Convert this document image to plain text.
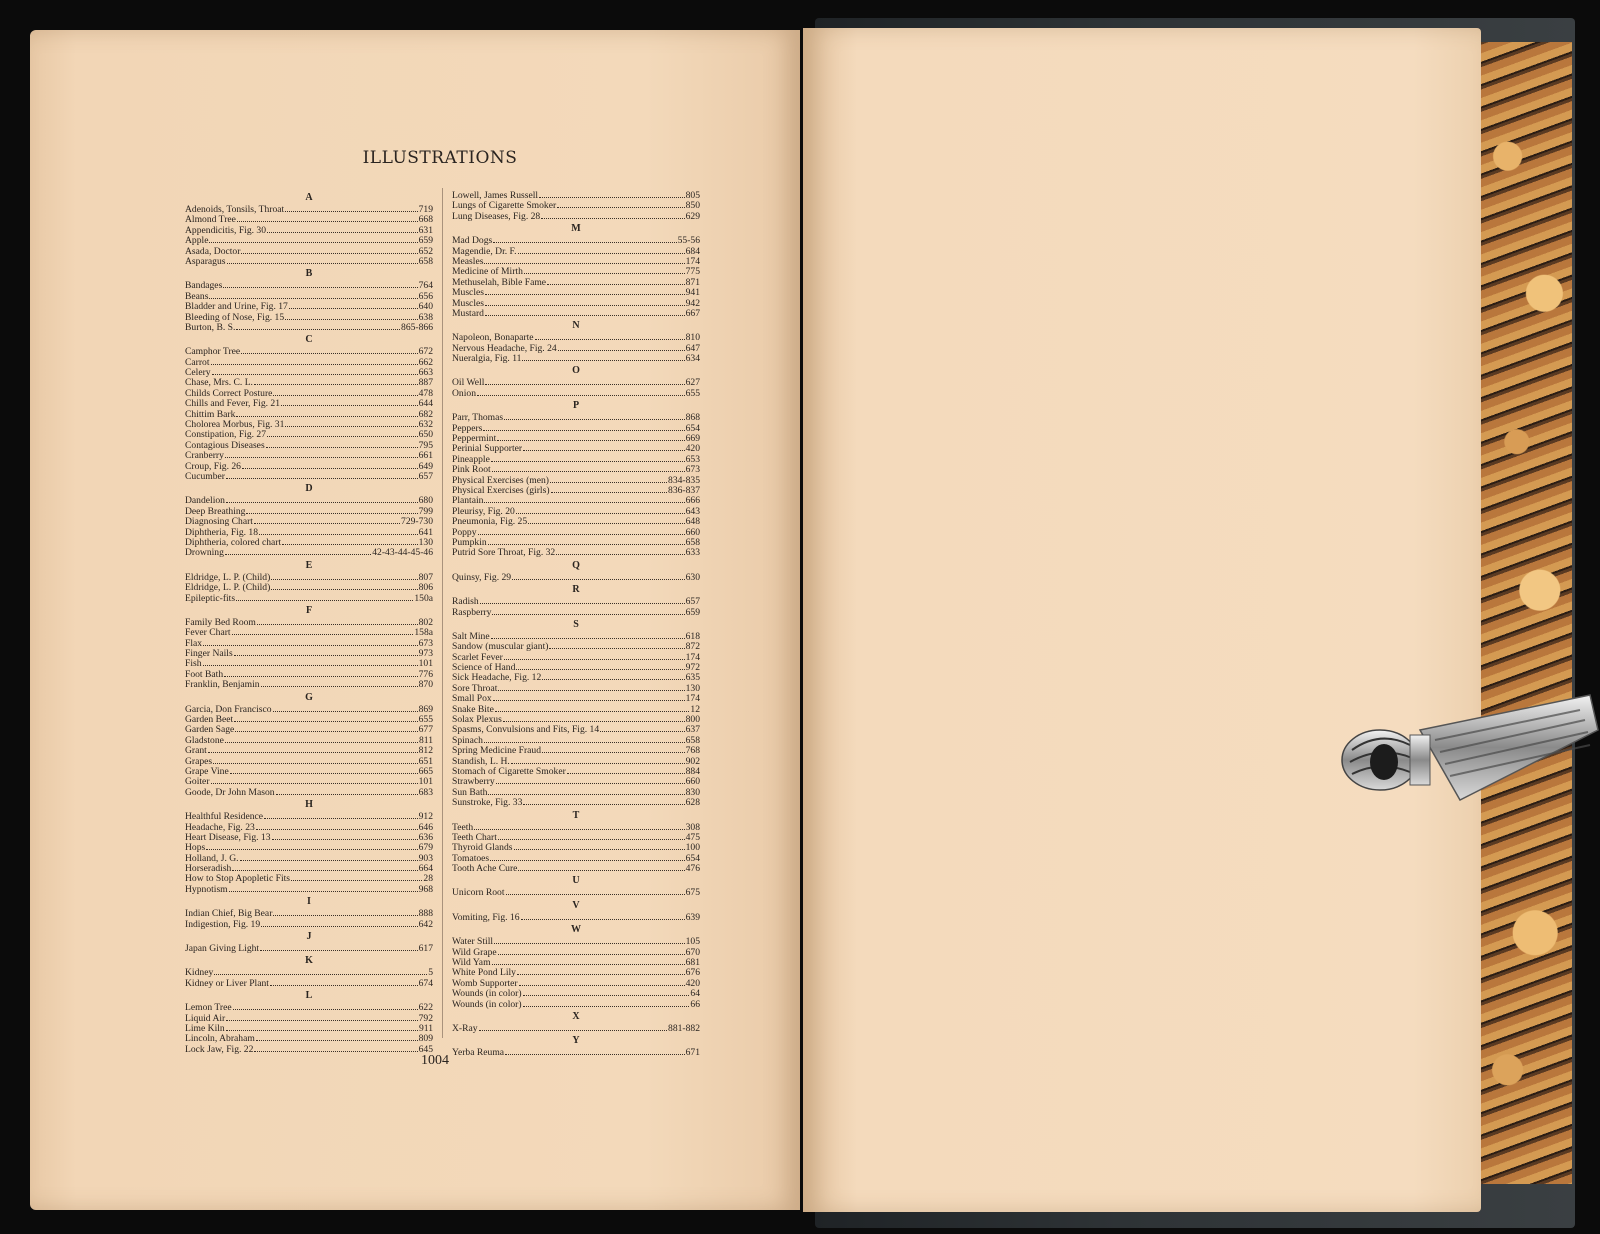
ILLUSTRATIONS
A
Adenoids, Tonsils, Throat	719
Almond Tree	668
Appendicitis, Fig. 30	631
Apple	659
Asada, Doctor	652
Asparagus	658
B
Bandages	764
Beans	656
Bladder and Urine, Fig. 17	640
Bleeding of Nose, Fig. 15	638
Burton, B. S.	865-866
C
Camphor Tree	672
Carrot	662
Celery	663
Chase, Mrs. C. L.	887
Childs Correct Posture	478
Chills and Fever, Fig. 21	644
Chittim Bark	682
Cholorea Morbus, Fig. 31	632
Constipation, Fig. 27	650
Contagious Diseases	795
Cranberry	661
Croup, Fig. 26	649
Cucumber	657
D
Dandelion	680
Deep Breathing	799
Diagnosing Chart	729-730
Diphtheria, Fig. 18	641
Diphtheria, colored chart	130
Drowning	42-43-44-45-46
E
Eldridge, L. P. (Child)	807
Eldridge, L. P. (Child)	806
Epileptic-fits	150a
F
Family Bed Room	802
Fever Chart	158a
Flax	673
Finger Nails	973
Fish	101
Foot Bath	776
Franklin, Benjamin	870
G
Garcia, Don Francisco	869
Garden Beet	655
Garden Sage	677
Gladstone	811
Grant	812
Grapes	651
Grape Vine	665
Goiter	101
Goode, Dr John Mason	683
H
Healthful Residence	912
Headache, Fig. 23	646
Heart Disease, Fig. 13	636
Hops	679
Holland, J. G.	903
Horseradish	664
How to Stop Apopletic Fits	28
Hypnotism	968
I
Indian Chief, Big Bear	888
Indigestion, Fig. 19	642
J
Japan Giving Light	617
K
Kidney	5
Kidney or Liver Plant	674
L
Lemon Tree	622
Liquid Air	792
Lime Kiln	911
Lincoln, Abraham	809
Lock Jaw, Fig. 22	645
Lowell, James Russell	805
Lungs of Cigarette Smoker	850
Lung Diseases, Fig. 28	629
M
Mad Dogs	55-56
Magendie, Dr. F.	684
Measles	174
Medicine of Mirth	775
Methuselah, Bible Fame	871
Muscles	941
Muscles	942
Mustard	667
N
Napoleon, Bonaparte	810
Nervous Headache, Fig. 24	647
Nueralgia, Fig. 11	634
O
Oil Well	627
Onion	655
P
Parr, Thomas	868
Peppers	654
Peppermint	669
Perinial Supporter	420
Pineapple	653
Pink Root	673
Physical Exercises (men)	834-835
Physical Exercises (girls)	836-837
Plantain	666
Pleurisy, Fig. 20	643
Pneumonia, Fig. 25	648
Poppy	660
Pumpkin	658
Putrid Sore Throat, Fig. 32	633
Q
Quinsy, Fig. 29	630
R
Radish	657
Raspberry	659
S
Salt Mine	618
Sandow (muscular giant)	872
Scarlet Fever	174
Science of Hand	972
Sick Headache, Fig. 12	635
Sore Throat	130
Small Pox	174
Snake Bite	12
Solax Plexus	800
Spasms, Convulsions and Fits, Fig. 14	637
Spinach	658
Spring Medicine Fraud	768
Standish, L. H.	902
Stomach of Cigarette Smoker	884
Strawberry	660
Sun Bath	830
Sunstroke, Fig. 33	628
T
Teeth	308
Teeth Chart	475
Thyroid Glands	100
Tomatoes	654
Tooth Ache Cure	476
U
Unicorn Root	675
V
Vomiting, Fig. 16	639
W
Water Still	105
Wild Grape	670
Wild Yam	681
White Pond Lily	676
Womb Supporter	420
Wounds (in color)	64
Wounds (in color)	66
X
X-Ray	881-882
Y
Yerba Reuma	671
1004
